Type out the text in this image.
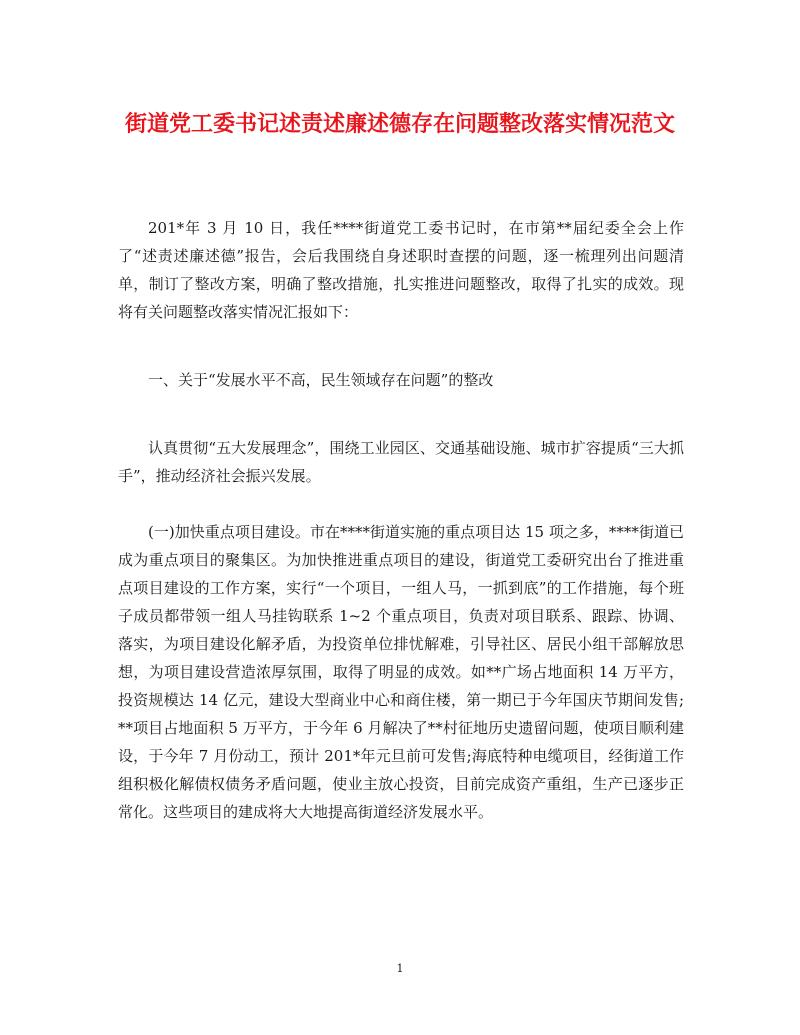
街道党工委书记述责述廉述德存在问题整改落实情况范文

201*年 3 月 10 日，我任****街道党工委书记时，在市第**届纪委全会上作了“述责述廉述德”报告，会后我围绕自身述职时查摆的问题，逐一梳理列出问题清单，制订了整改方案，明确了整改措施，扎实推进问题整改，取得了扎实的成效。现将有关问题整改落实情况汇报如下：

一、关于“发展水平不高，民生领域存在问题”的整改

认真贯彻“五大发展理念”，围绕工业园区、交通基础设施、城市扩容提质“三大抓手”，推动经济社会振兴发展。

(一)加快重点项目建设。市在****街道实施的重点项目达 15 项之多，****街道已成为重点项目的聚集区。为加快推进重点项目的建设，街道党工委研究出台了推进重点项目建设的工作方案，实行“一个项目，一组人马，一抓到底”的工作措施，每个班子成员都带领一组人马挂钩联系 1~2 个重点项目，负责对项目联系、跟踪、协调、落实，为项目建设化解矛盾，为投资单位排忧解难，引导社区、居民小组干部解放思想，为项目建设营造浓厚氛围，取得了明显的成效。如**广场占地面积 14 万平方，投资规模达 14 亿元，建设大型商业中心和商住楼，第一期已于今年国庆节期间发售;**项目占地面积 5 万平方，于今年 6 月解决了**村征地历史遗留问题，使项目顺利建设，于今年 7 月份动工，预计 201*年元旦前可发售;海底特种电缆项目，经街道工作组积极化解债权债务矛盾问题，使业主放心投资，目前完成资产重组，生产已逐步正常化。这些项目的建成将大大地提高街道经济发展水平。

1
